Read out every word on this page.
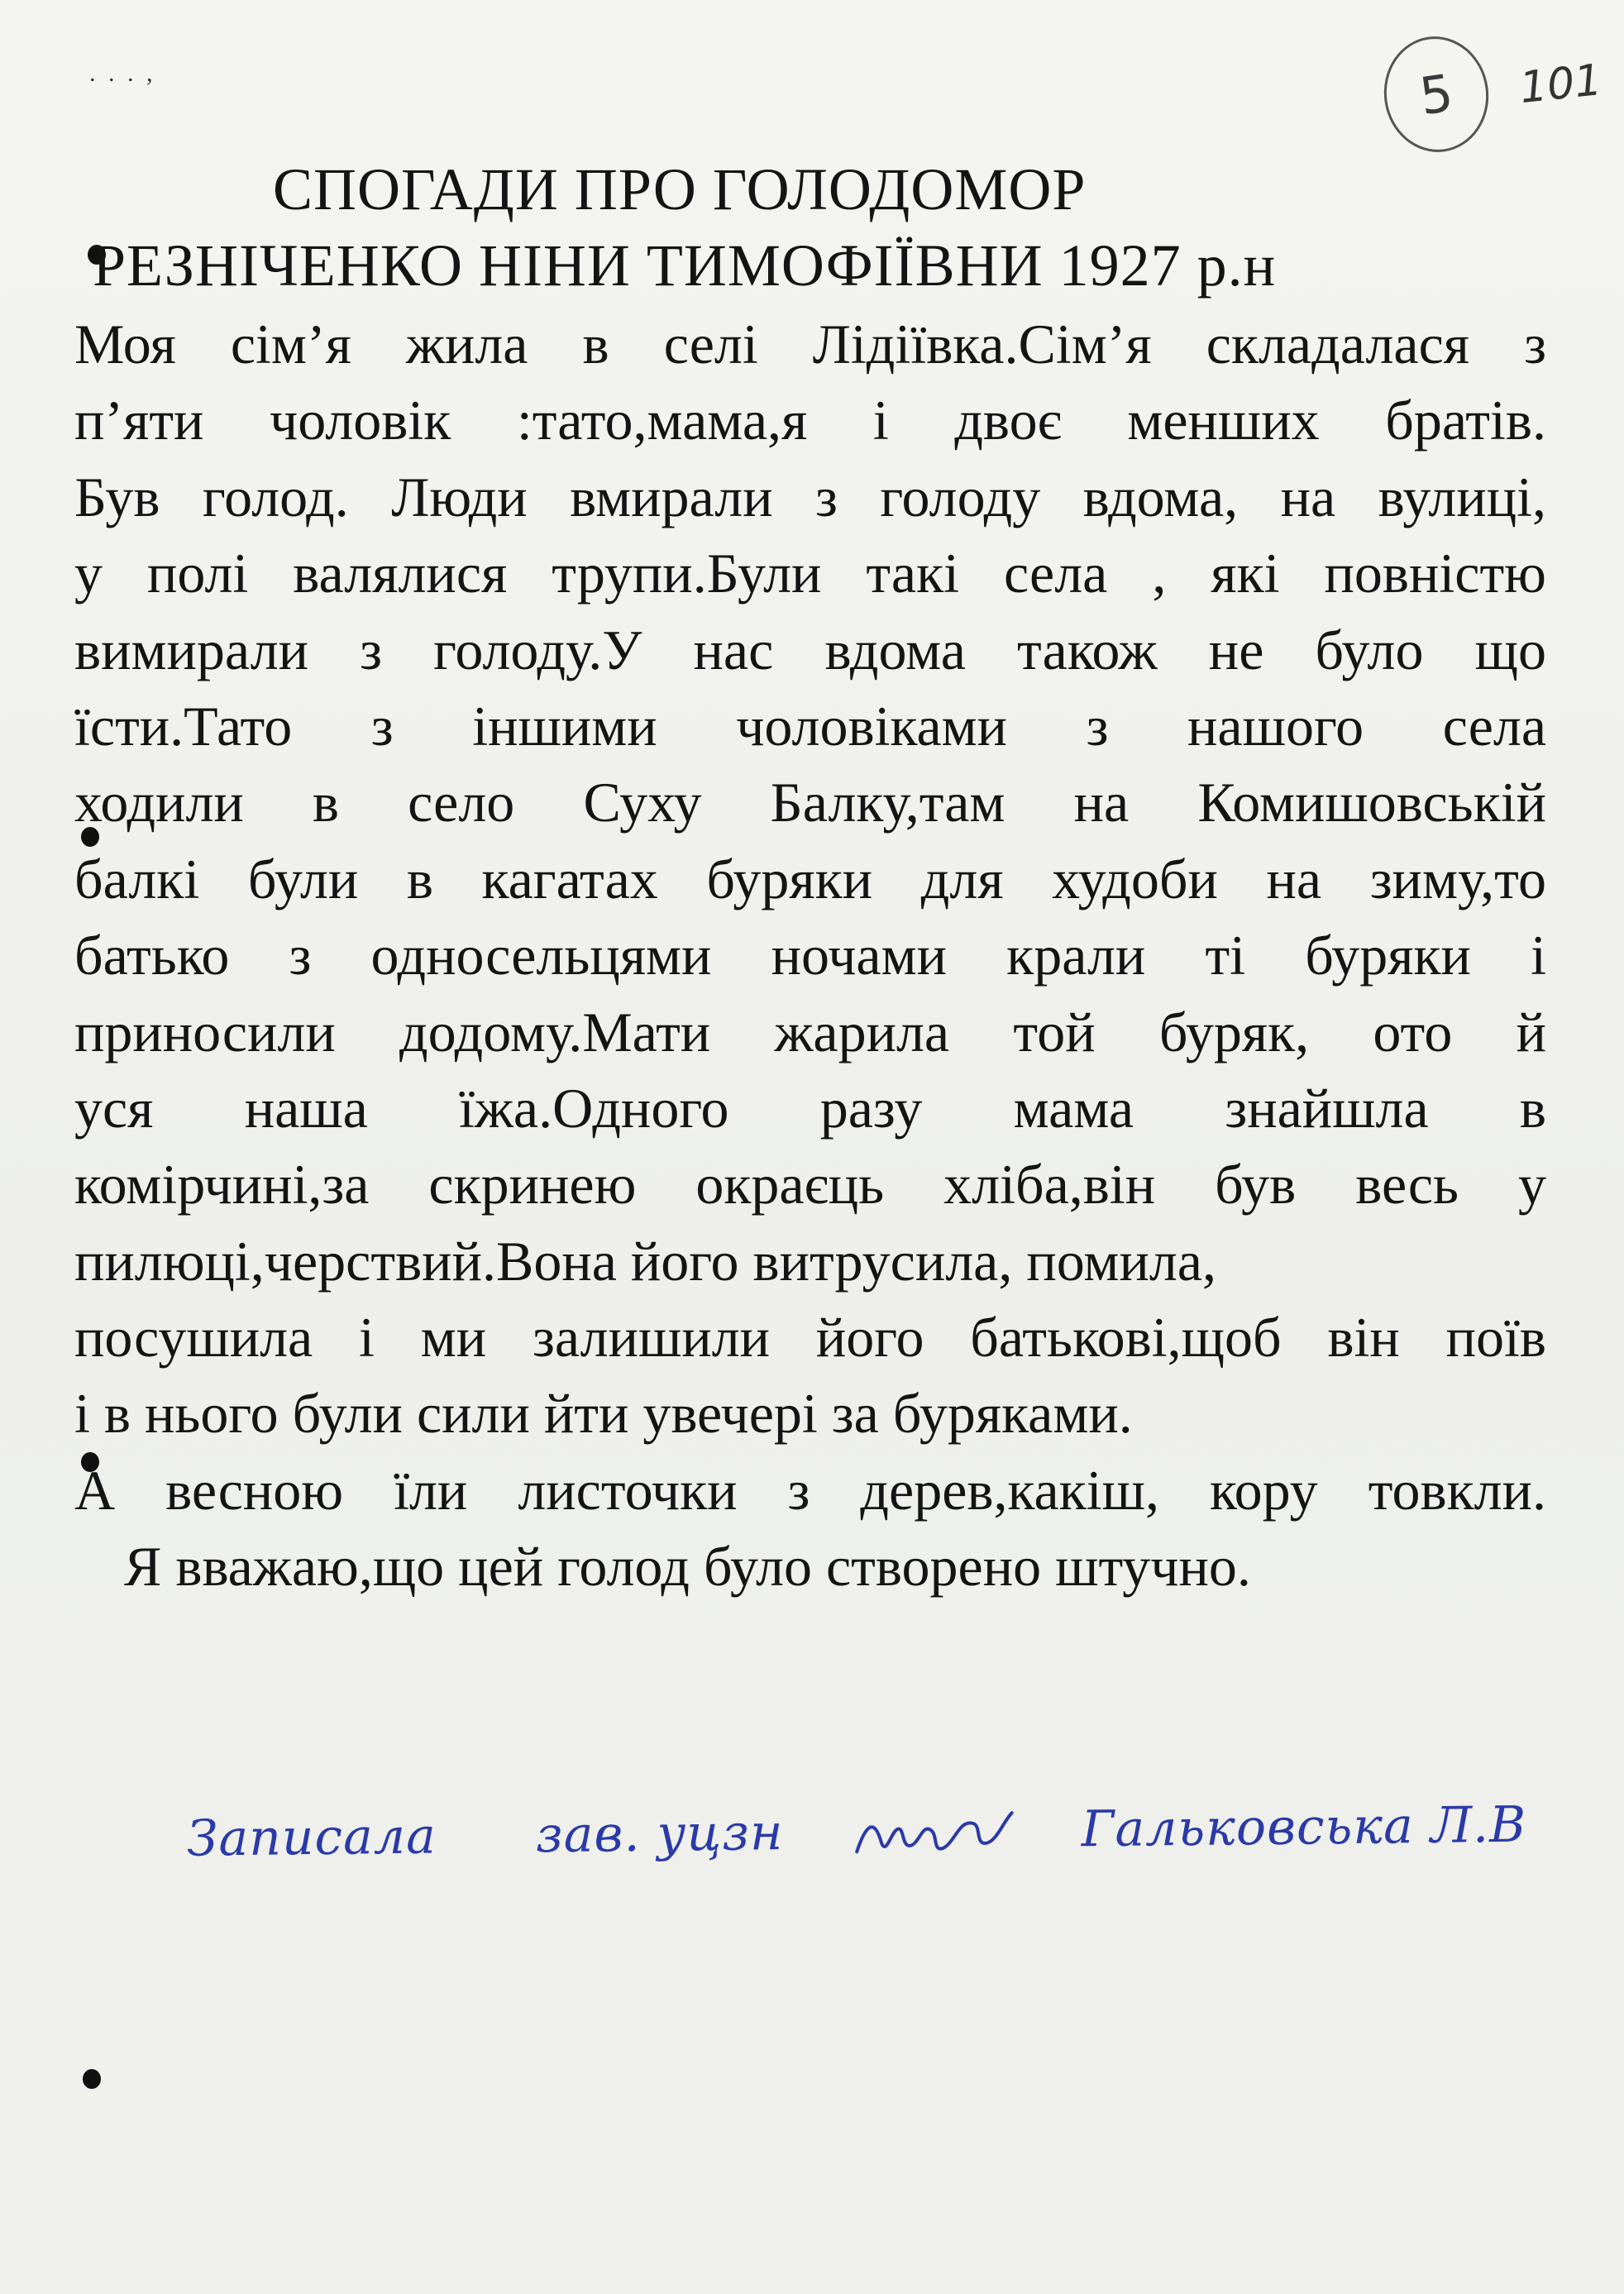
. . . ,	5 101
СПОГАДИ ПРО ГОЛОДОМОР
РЕЗНІЧЕНКО НІНИ ТИМОФІЇВНИ 1927 р.н
Моя сім’я жила в селі Лідіївка.Сім’я складалася з
п’яти чоловік :тато,мама,я і двоє менших братів.
Був голод. Люди вмирали з голоду вдома, на вулиці,
у полі валялися трупи.Були такі села , які повністю
вимирали з голоду.У нас вдома також не було що
їсти.Тато з іншими чоловіками з нашого села
ходили в село Суху Балку,там на Комишовській
балкі були в кагатах буряки для худоби на зиму,то
батько з односельцями ночами крали ті буряки і
приносили додому.Мати жарила той буряк, ото й
уся наша їжа.Одного разу мама знайшла в
комірчині,за скринею окраєць хліба,він був весь у
пилюці,черствий.Вона його витрусила, помила,
посушила і ми залишили його батькові,щоб він поїв
і в нього були сили йти увечері за буряками.
А весною їли листочки з дерев,какіш, кору товкли.
Я вважаю,що цей голод було створено штучно.
Записала зав. уцзн	Гальковська Л.В
